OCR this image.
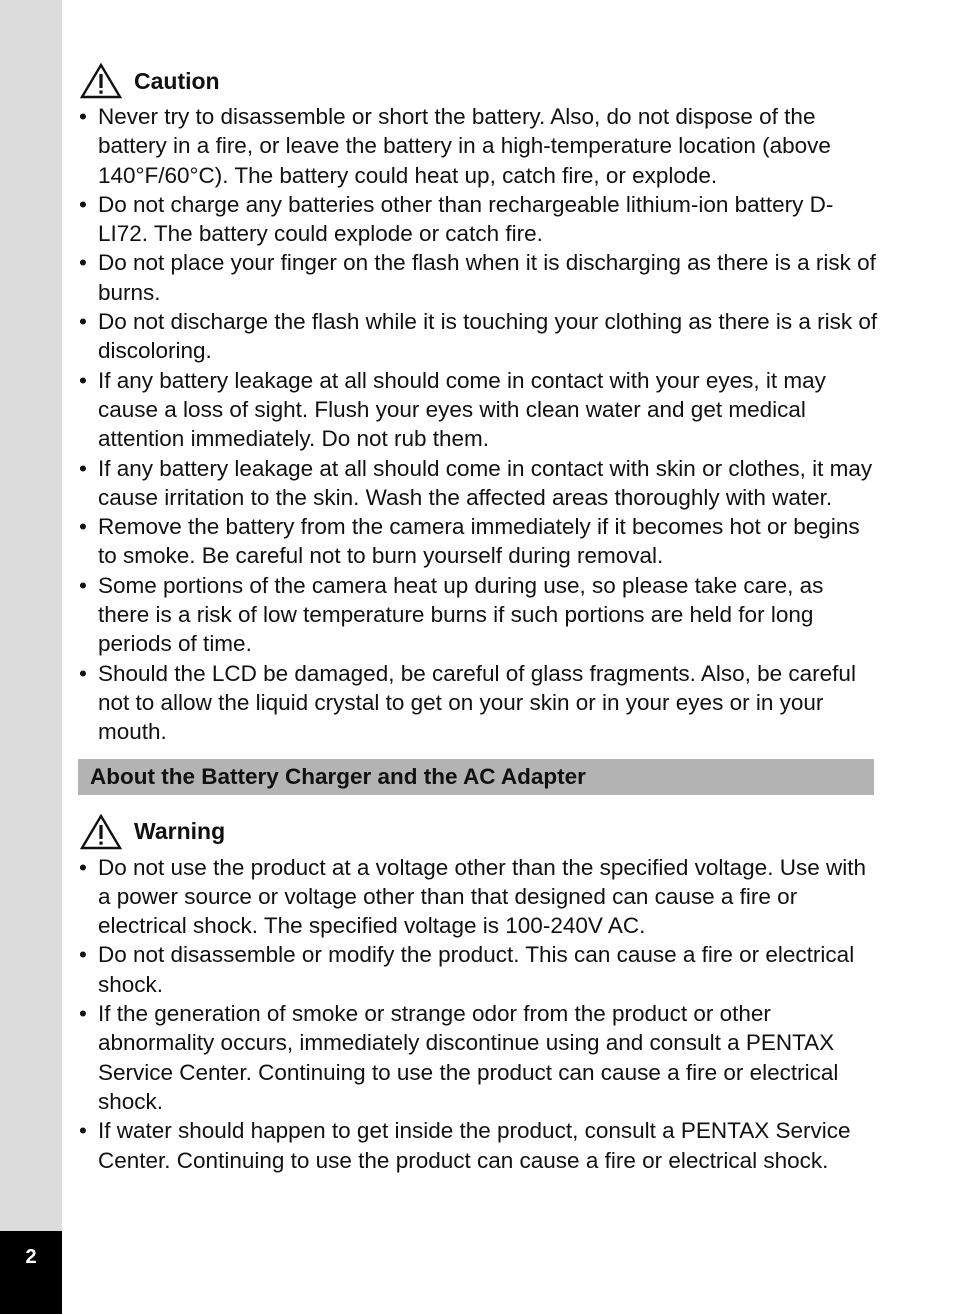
2
Caution
• Never try to disassemble or short the battery. Also, do not dispose of the battery in a fire, or leave the battery in a high-temperature location (above 140°F/60°C). The battery could heat up, catch fire, or explode.
• Do not charge any batteries other than rechargeable lithium-ion battery D-LI72. The battery could explode or catch fire.
• Do not place your finger on the flash when it is discharging as there is a risk of burns.
• Do not discharge the flash while it is touching your clothing as there is a risk of discoloring.
• If any battery leakage at all should come in contact with your eyes, it may cause a loss of sight. Flush your eyes with clean water and get medical attention immediately. Do not rub them.
• If any battery leakage at all should come in contact with skin or clothes, it may cause irritation to the skin. Wash the affected areas thoroughly with water.
• Remove the battery from the camera immediately if it becomes hot or begins to smoke. Be careful not to burn yourself during removal.
• Some portions of the camera heat up during use, so please take care, as there is a risk of low temperature burns if such portions are held for long periods of time.
• Should the LCD be damaged, be careful of glass fragments. Also, be careful not to allow the liquid crystal to get on your skin or in your eyes or in your mouth.
About the Battery Charger and the AC Adapter
Warning
• Do not use the product at a voltage other than the specified voltage. Use with a power source or voltage other than that designed can cause a fire or electrical shock. The specified voltage is 100-240V AC.
• Do not disassemble or modify the product. This can cause a fire or electrical shock.
• If the generation of smoke or strange odor from the product or other abnormality occurs, immediately discontinue using and consult a PENTAX Service Center. Continuing to use the product can cause a fire or electrical shock.
• If water should happen to get inside the product, consult a PENTAX Service Center. Continuing to use the product can cause a fire or electrical shock.
